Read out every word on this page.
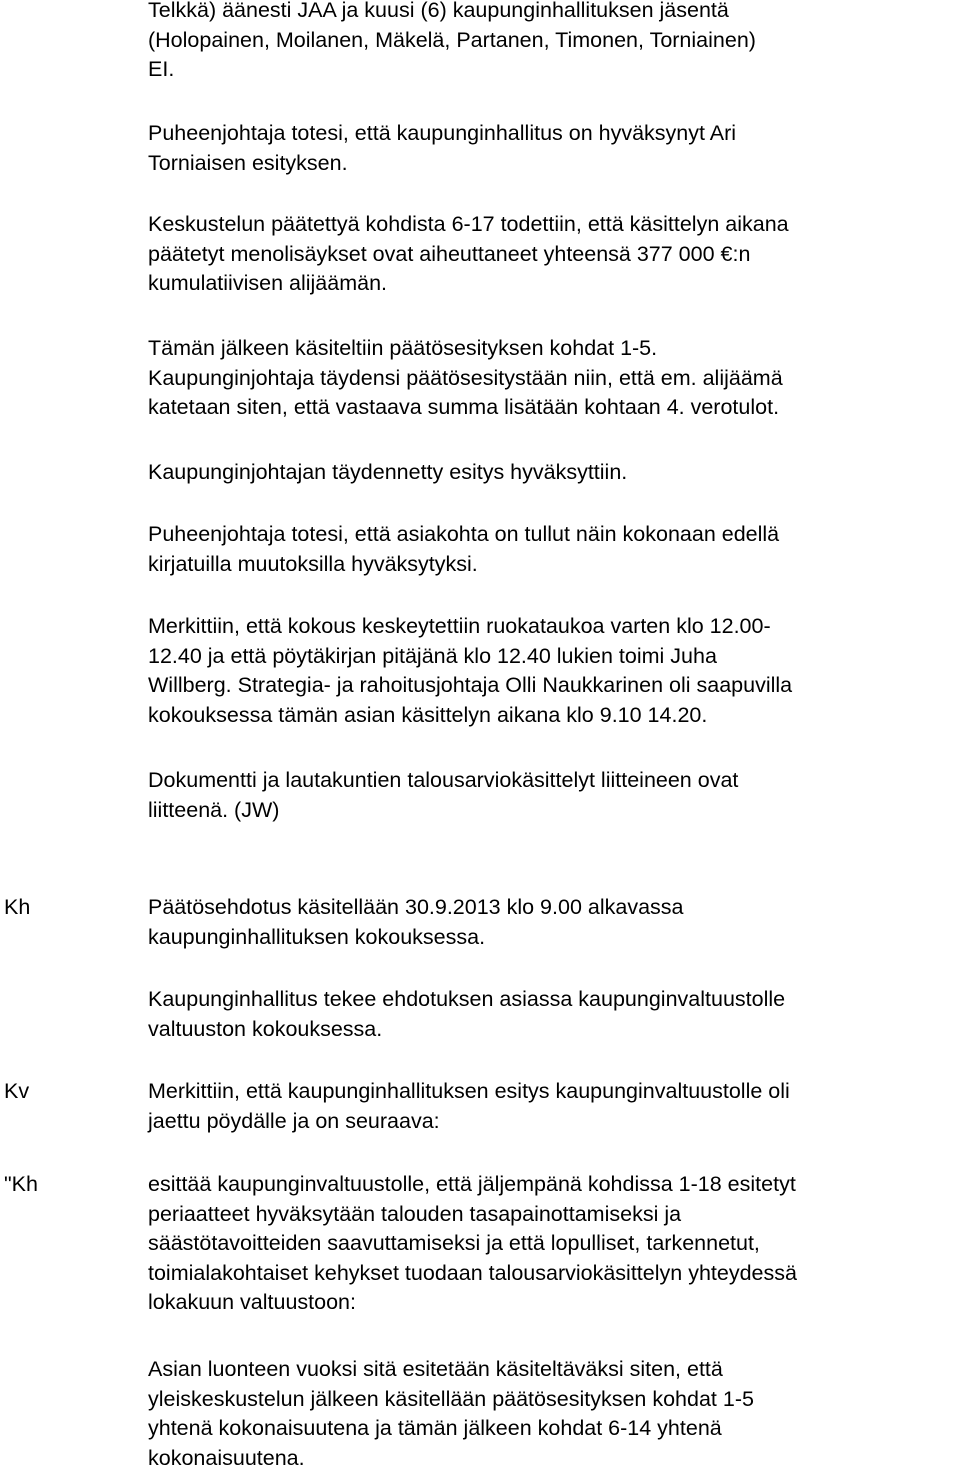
Telkkä) äänesti JAA ja kuusi (6) kaupunginhallituksen jäsentä
(Holopainen, Moilanen, Mäkelä, Partanen, Timonen, Torniainen)
EI.

Puheenjohtaja totesi, että kaupunginhallitus on hyväksynyt Ari
Torniaisen esityksen.

Keskustelun päätettyä kohdista 6-17 todettiin, että käsittelyn aikana
päätetyt menolisäykset ovat aiheuttaneet yhteensä 377 000 €:n
kumulatiivisen alijäämän.

Tämän jälkeen käsiteltiin päätösesityksen kohdat 1-5.
Kaupunginjohtaja täydensi päätösesitystään niin, että em. alijäämä
katetaan siten, että vastaava summa lisätään kohtaan 4. verotulot.

Kaupunginjohtajan täydennetty esitys hyväksyttiin.

Puheenjohtaja totesi, että asiakohta on tullut näin kokonaan edellä
kirjatuilla muutoksilla hyväksytyksi.

Merkittiin, että kokous keskeytettiin ruokataukoa varten klo 12.00-
12.40 ja että pöytäkirjan pitäjänä klo 12.40 lukien toimi Juha
Willberg. Strategia- ja rahoitusjohtaja Olli Naukkarinen oli saapuvilla
kokouksessa tämän asian käsittelyn aikana klo 9.10 14.20.

Dokumentti ja lautakuntien talousarviokäsittelyt liitteineen ovat
liitteenä. (JW)

Kh	Päätösehdotus käsitellään 30.9.2013 klo 9.00 alkavassa
kaupunginhallituksen kokouksessa.

Kaupunginhallitus tekee ehdotuksen asiassa kaupunginvaltuustolle
valtuuston kokouksessa.

Kv	Merkittiin, että kaupunginhallituksen esitys kaupunginvaltuustolle oli
jaettu pöydälle ja on seuraava:

"Kh	esittää kaupunginvaltuustolle, että jäljempänä kohdissa 1-18 esitetyt
periaatteet hyväksytään talouden tasapainottamiseksi ja
säästötavoitteiden saavuttamiseksi ja että lopulliset, tarkennetut,
toimialakohtaiset kehykset tuodaan talousarviokäsittelyn yhteydessä
lokakuun valtuustoon:

Asian luonteen vuoksi sitä esitetään käsiteltäväksi siten, että
yleiskeskustelun jälkeen käsitellään päätösesityksen kohdat 1-5
yhtenä kokonaisuutena ja tämän jälkeen kohdat 6-14 yhtenä
kokonaisuutena.
